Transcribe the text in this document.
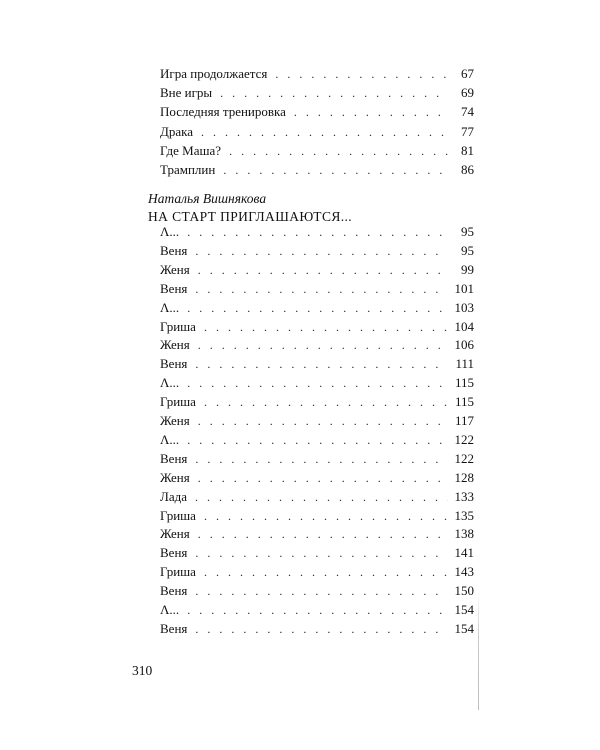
Игра продолжается . . .	67
Вне игры . . .	69
Последняя тренировка . . .	74
Драка . . .	77
Где Маша? . . .	81
Трамплин . . .	86
Наталья Вишнякова
НА СТАРТ ПРИГЛАШАЮТСЯ...
Λ... . . .	95
Веня . . .	95
Женя . . .	99
Веня . . .	101
Λ... . . .	103
Гриша . . .	104
Женя . . .	106
Веня . . .	111
Λ... . . .	115
Гриша . . .	115
Женя . . .	117
Λ... . . .	122
Веня . . .	122
Женя . . .	128
Лада . . .	133
Гриша . . .	135
Женя . . .	138
Веня . . .	141
Гриша . . .	143
Веня . . .	150
Λ... . . .	154
Веня . . .	154
310
